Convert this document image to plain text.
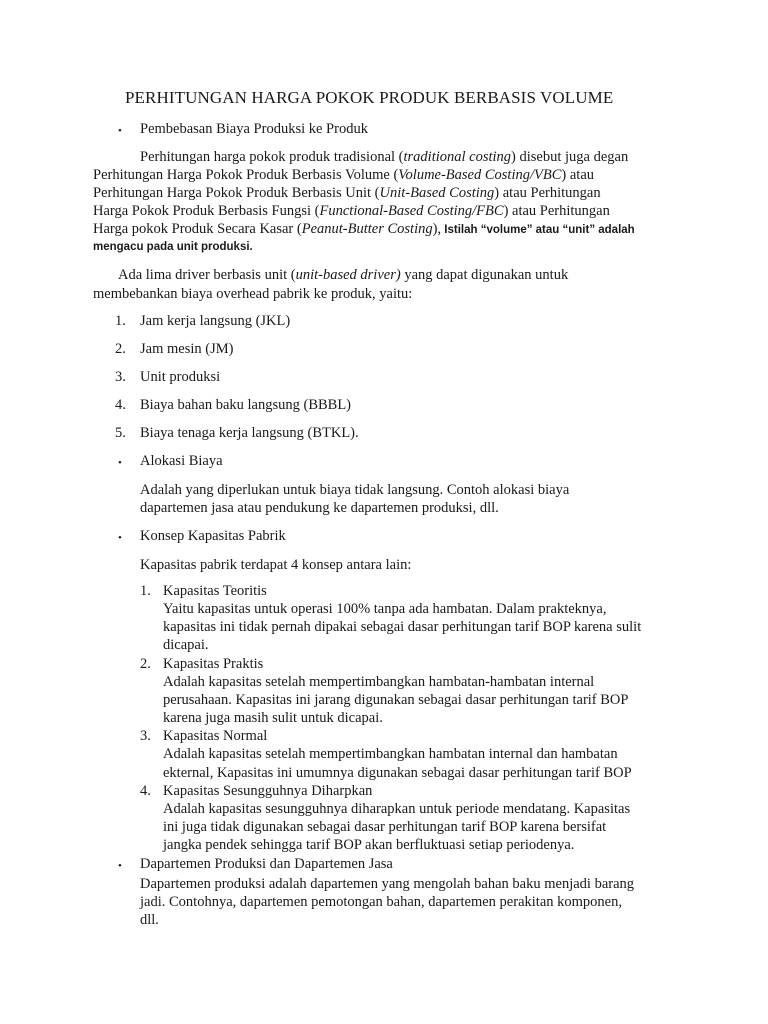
PERHITUNGAN HARGA POKOK PRODUK BERBASIS VOLUME
• Pembebasan Biaya Produksi ke Produk
Perhitungan harga pokok produk tradisional (traditional costing) disebut juga degan
Perhitungan Harga Pokok Produk Berbasis Volume (Volume-Based Costing/VBC) atau
Perhitungan Harga Pokok Produk Berbasis Unit (Unit-Based Costing) atau Perhitungan
Harga Pokok Produk Berbasis Fungsi (Functional-Based Costing/FBC) atau Perhitungan
Harga pokok Produk Secara Kasar (Peanut-Butter Costing), Istilah “volume” atau “unit” adalah
mengacu pada unit produksi.
Ada lima driver berbasis unit (unit-based driver) yang dapat digunakan untuk
membebankan biaya overhead pabrik ke produk, yaitu:
1. Jam kerja langsung (JKL)
2. Jam mesin (JM)
3. Unit produksi
4. Biaya bahan baku langsung (BBBL)
5. Biaya tenaga kerja langsung (BTKL).
• Alokasi Biaya
Adalah yang diperlukan untuk biaya tidak langsung. Contoh alokasi biaya
dapartemen jasa atau pendukung ke dapartemen produksi, dll.
• Konsep Kapasitas Pabrik
Kapasitas pabrik terdapat 4 konsep antara lain:
1. Kapasitas Teoritis
Yaitu kapasitas untuk operasi 100% tanpa ada hambatan. Dalam prakteknya,
kapasitas ini tidak pernah dipakai sebagai dasar perhitungan tarif BOP karena sulit
dicapai.
2. Kapasitas Praktis
Adalah kapasitas setelah mempertimbangkan hambatan-hambatan internal
perusahaan. Kapasitas ini jarang digunakan sebagai dasar perhitungan tarif BOP
karena juga masih sulit untuk dicapai.
3. Kapasitas Normal
Adalah kapasitas setelah mempertimbangkan hambatan internal dan hambatan
ekternal, Kapasitas ini umumnya digunakan sebagai dasar perhitungan tarif BOP
4. Kapasitas Sesungguhnya Diharpkan
Adalah kapasitas sesungguhnya diharapkan untuk periode mendatang. Kapasitas
ini juga tidak digunakan sebagai dasar perhitungan tarif BOP karena bersifat
jangka pendek sehingga tarif BOP akan berfluktuasi setiap periodenya.
• Dapartemen Produksi dan Dapartemen Jasa
Dapartemen produksi adalah dapartemen yang mengolah bahan baku menjadi barang
jadi. Contohnya, dapartemen pemotongan bahan, dapartemen perakitan komponen,
dll.
